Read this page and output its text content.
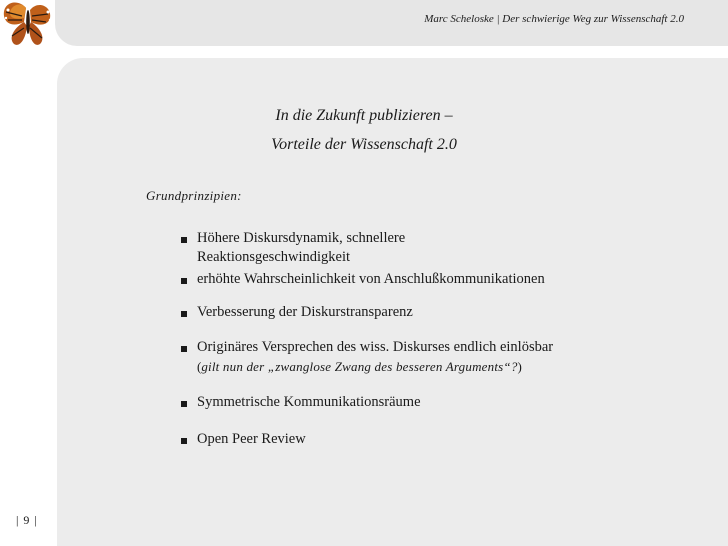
Marc Scheloske | Der schwierige Weg zur Wissenschaft 2.0
In die Zukunft publizieren –
Vorteile der Wissenschaft 2.0
Grundprinzipien:
Höhere Diskursdynamik, schnellere Reaktionsgeschwindigkeit
erhöhte Wahrscheinlichkeit von Anschlußkommunikationen
Verbesserung der Diskurstransparenz
Originäres Versprechen des wiss. Diskurses endlich einlösbar
(gilt nun der „zwanglose Zwang des besseren Arguments“?)
Symmetrische Kommunikationsräume
Open Peer Review
| 9 |
